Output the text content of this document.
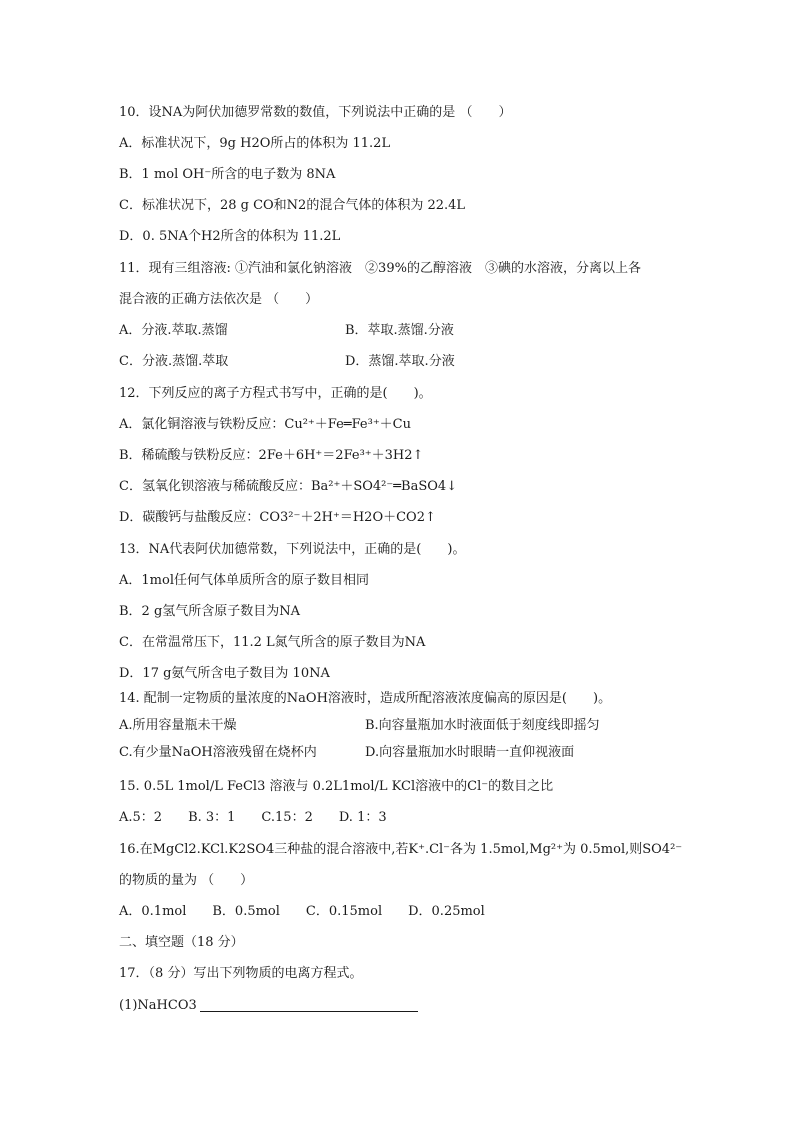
10．设NA为阿伏加德罗常数的数值，下列说法中正确的是 （　　）
A．标准状况下，9g H2O所占的体积为 11.2L
B．1 mol OH⁻所含的电子数为 8NA
C．标准状况下，28 g CO和N2的混合气体的体积为 22.4L
D．0. 5NA个H2所含的体积为 11.2L
11．现有三组溶液: ①汽油和氯化钠溶液　②39%的乙醇溶液　③碘的水溶液，分离以上各
混合液的正确方法依次是 （　　）
A．分液.萃取.蒸馏	B．萃取.蒸馏.分液
C．分液.蒸馏.萃取	D．蒸馏.萃取.分液
12．下列反应的离子方程式书写中，正确的是(　　)。
A．氯化铜溶液与铁粉反应：Cu²⁺＋Fe═Fe³⁺＋Cu
B．稀硫酸与铁粉反应：2Fe＋6H⁺＝2Fe³⁺＋3H2↑
C．氢氧化钡溶液与稀硫酸反应：Ba²⁺＋SO4²⁻═BaSO4↓
D．碳酸钙与盐酸反应：CO3²⁻＋2H⁺＝H2O＋CO2↑
13．NA代表阿伏加德常数，下列说法中，正确的是(　　)。
A．1mol任何气体单质所含的原子数目相同
B．2 g氢气所含原子数目为NA
C．在常温常压下，11.2 L氮气所含的原子数目为NA
D．17 g氨气所含电子数目为 10NA
14. 配制一定物质的量浓度的NaOH溶液时，造成所配溶液浓度偏高的原因是(　　)。
A.所用容量瓶未干燥	B.向容量瓶加水时液面低于刻度线即摇匀
C.有少量NaOH溶液残留在烧杯内	D.向容量瓶加水时眼睛一直仰视液面
15. 0.5L 1mol/L FeCl3 溶液与 0.2L1mol/L KCl溶液中的Cl⁻的数目之比
A.5：2　　B. 3：1　　C.15：2　　D. 1：3
16.在MgCl2.KCl.K2SO4三种盐的混合溶液中,若K⁺.Cl⁻各为 1.5mol,Mg²⁺为 0.5mol,则SO4²⁻
的物质的量为 （　　）
A．0.1mol　　B．0.5mol　　C．0.15mol　　D．0.25mol
二、填空题（18 分）
17．（8 分）写出下列物质的电离方程式。
(1)NaHCO3
